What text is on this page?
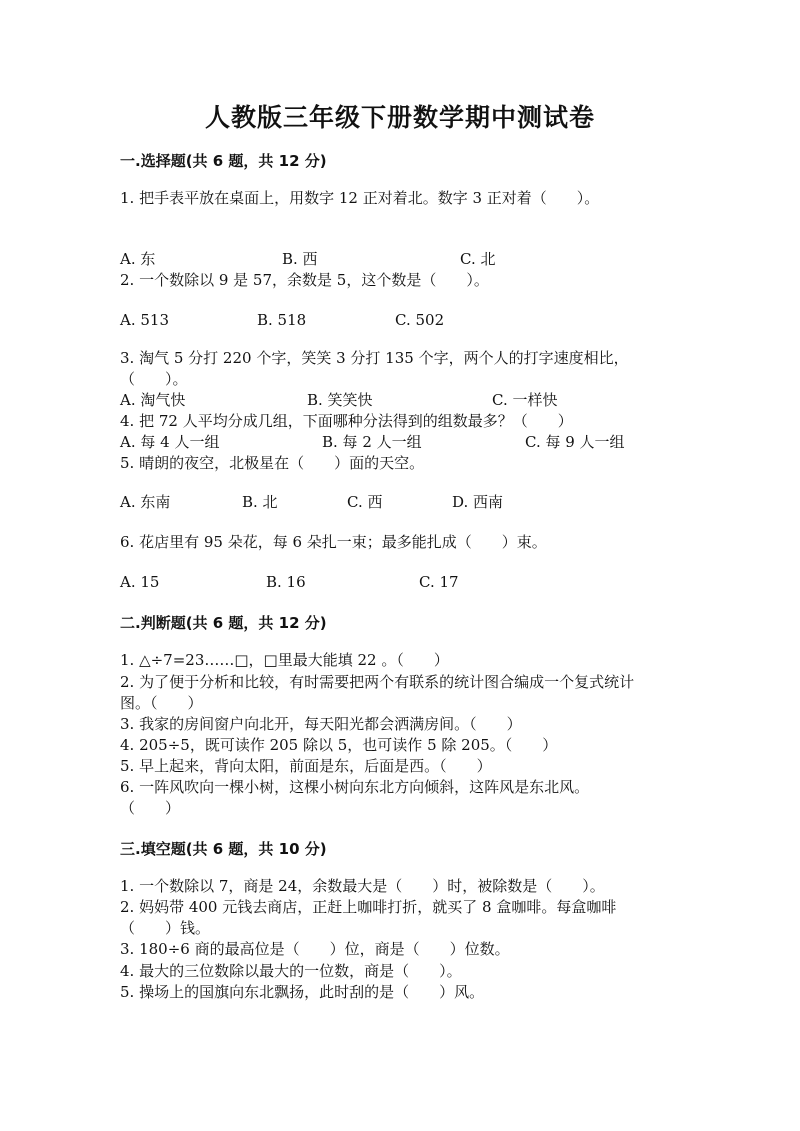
人教版三年级下册数学期中测试卷
一.选择题(共 6 题，共 12 分)
1. 把手表平放在桌面上，用数字 12 正对着北。数字 3 正对着（　　）。
A. 东	B. 西	C. 北
2. 一个数除以 9 是 57，余数是 5，这个数是（　　）。
A. 513	B. 518	C. 502
3. 淘气 5 分打 220 个字，笑笑 3 分打 135 个字，两个人的打字速度相比，
（　　）。
A. 淘气快	B. 笑笑快	C. 一样快
4. 把 72 人平均分成几组，下面哪种分法得到的组数最多？（　　）
A. 每 4 人一组	B. 每 2 人一组	C. 每 9 人一组
5. 晴朗的夜空，北极星在（　　）面的天空。
A. 东南	B. 北	C. 西	D. 西南
6. 花店里有 95 朵花，每 6 朵扎一束；最多能扎成（　　）束。
A. 15	B. 16	C. 17
二.判断题(共 6 题，共 12 分)
1. △÷7=23……□，□里最大能填 22 。（　　）
2. 为了便于分析和比较，有时需要把两个有联系的统计图合编成一个复式统计
图。（　　）
3. 我家的房间窗户向北开，每天阳光都会洒满房间。（　　）
4. 205÷5，既可读作 205 除以 5，也可读作 5 除 205。（　　）
5. 早上起来，背向太阳，前面是东，后面是西。（　　）
6. 一阵风吹向一棵小树，这棵小树向东北方向倾斜，这阵风是东北风。
（　　）
三.填空题(共 6 题，共 10 分)
1. 一个数除以 7，商是 24，余数最大是（　　）时，被除数是（　　）。
2. 妈妈带 400 元钱去商店，正赶上咖啡打折，就买了 8 盒咖啡。每盒咖啡
（　　）钱。
3. 180÷6 商的最高位是（　　）位，商是（　　）位数。
4. 最大的三位数除以最大的一位数，商是（　　）。
5. 操场上的国旗向东北飘扬，此时刮的是（　　）风。
